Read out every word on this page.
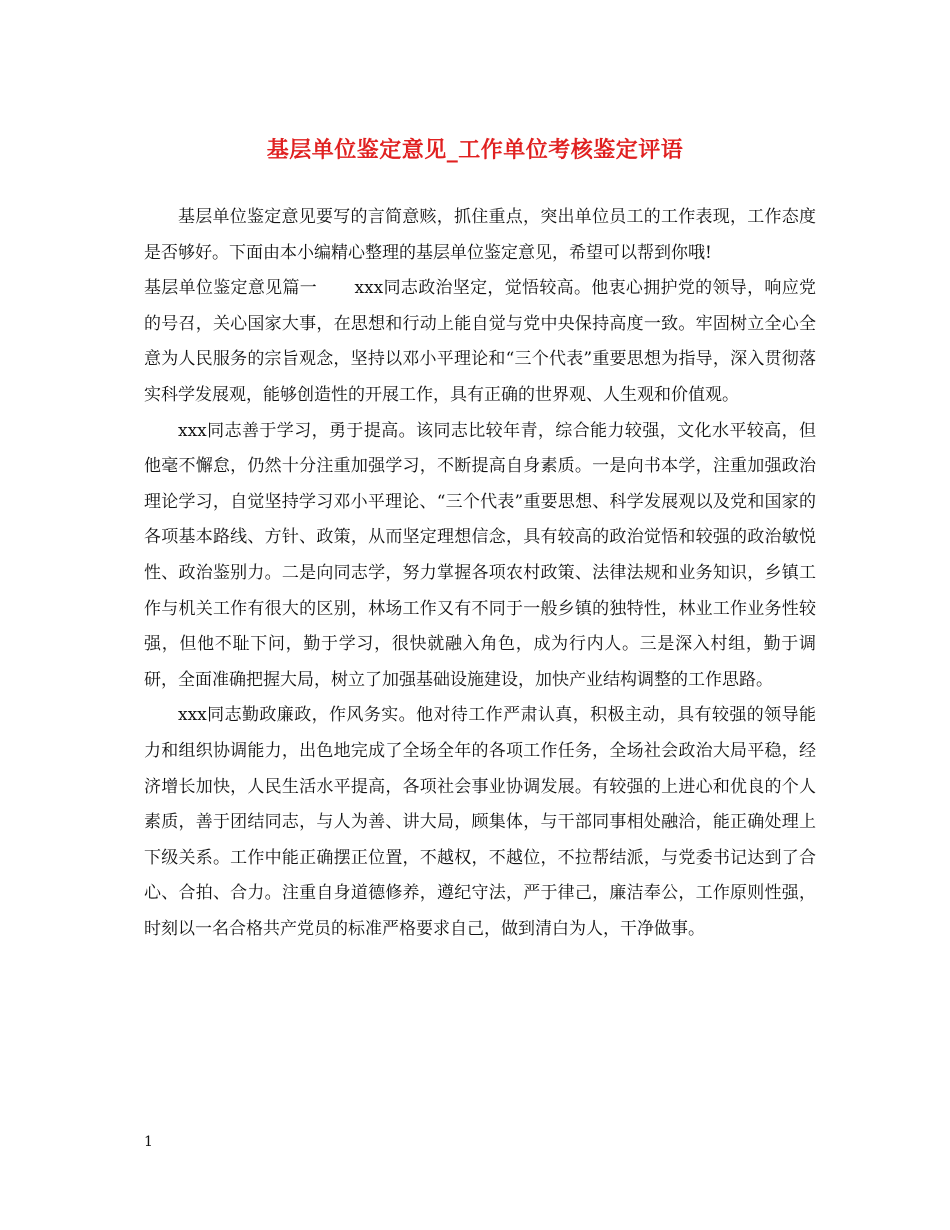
基层单位鉴定意见_工作单位考核鉴定评语

基层单位鉴定意见要写的言简意赅，抓住重点，突出单位员工的工作表现，工作态度是否够好。下面由本小编精心整理的基层单位鉴定意见，希望可以帮到你哦!

基层单位鉴定意见篇一 xxx同志政治坚定，觉悟较高。他衷心拥护党的领导，响应党的号召，关心国家大事，在思想和行动上能自觉与党中央保持高度一致。牢固树立全心全意为人民服务的宗旨观念，坚持以邓小平理论和“三个代表”重要思想为指导，深入贯彻落实科学发展观，能够创造性的开展工作，具有正确的世界观、人生观和价值观。

xxx同志善于学习，勇于提高。该同志比较年青，综合能力较强，文化水平较高，但他毫不懈怠，仍然十分注重加强学习，不断提高自身素质。一是向书本学，注重加强政治理论学习，自觉坚持学习邓小平理论、“三个代表”重要思想、科学发展观以及党和国家的各项基本路线、方针、政策，从而坚定理想信念，具有较高的政治觉悟和较强的政治敏悦性、政治鉴别力。二是向同志学，努力掌握各项农村政策、法律法规和业务知识，乡镇工作与机关工作有很大的区别，林场工作又有不同于一般乡镇的独特性，林业工作业务性较强，但他不耻下问，勤于学习，很快就融入角色，成为行内人。三是深入村组，勤于调研，全面准确把握大局，树立了加强基础设施建设，加快产业结构调整的工作思路。

xxx同志勤政廉政，作风务实。他对待工作严肃认真，积极主动，具有较强的领导能力和组织协调能力，出色地完成了全场全年的各项工作任务，全场社会政治大局平稳，经济增长加快，人民生活水平提高，各项社会事业协调发展。有较强的上进心和优良的个人素质，善于团结同志，与人为善、讲大局，顾集体，与干部同事相处融洽，能正确处理上下级关系。工作中能正确摆正位置，不越权，不越位，不拉帮结派，与党委书记达到了合心、合拍、合力。注重自身道德修养，遵纪守法，严于律己，廉洁奉公，工作原则性强，时刻以一名合格共产党员的标准严格要求自己，做到清白为人，干净做事。

1
